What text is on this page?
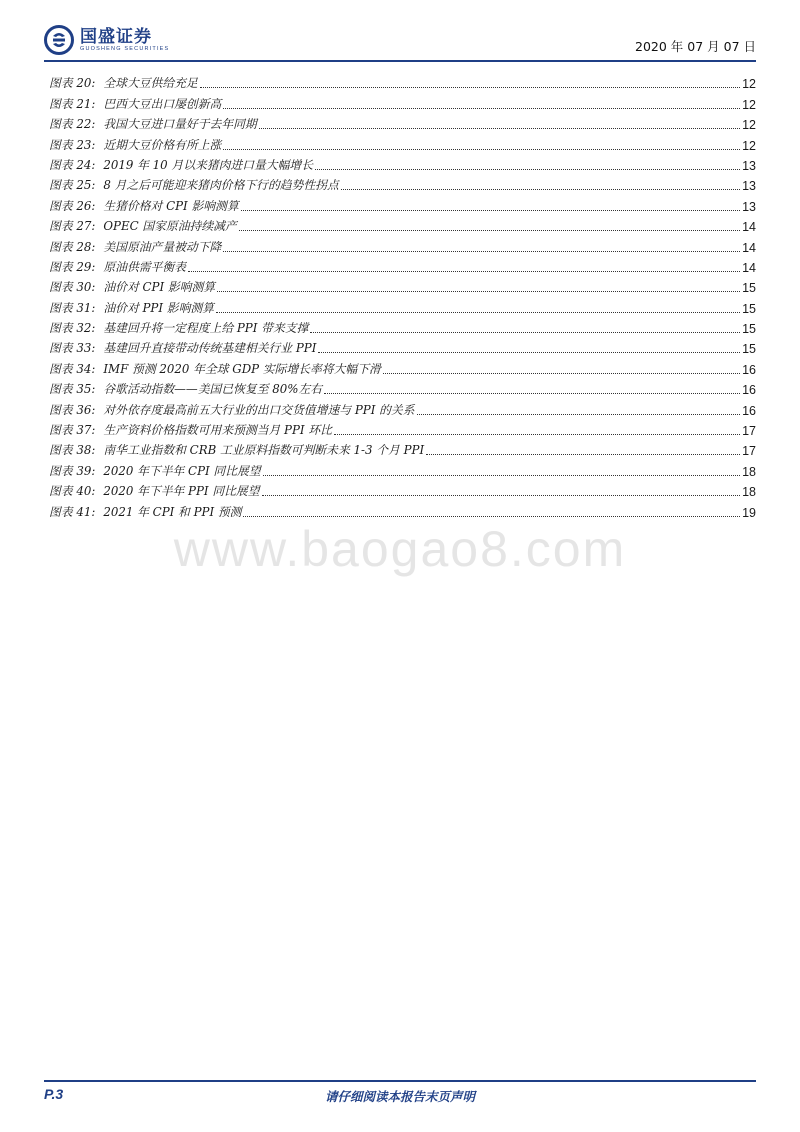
国盛证券
GUOSHENG SECURITIES	2020 年 07 月 07 日
图表 20: 全球大豆供给充足	12
图表 21: 巴西大豆出口屡创新高	12
图表 22: 我国大豆进口量好于去年同期	12
图表 23: 近期大豆价格有所上涨	12
图表 24: 2019 年 10 月以来猪肉进口量大幅增长	13
图表 25: 8 月之后可能迎来猪肉价格下行的趋势性拐点	13
图表 26: 生猪价格对 CPI 影响测算	13
图表 27: OPEC 国家原油持续减产	14
图表 28: 美国原油产量被动下降	14
图表 29: 原油供需平衡表	14
图表 30: 油价对 CPI 影响测算	15
图表 31: 油价对 PPI 影响测算	15
图表 32: 基建回升将一定程度上给 PPI 带来支撑	15
图表 33: 基建回升直接带动传统基建相关行业 PPI	15
图表 34: IMF 预测 2020 年全球 GDP 实际增长率将大幅下滑	16
图表 35: 谷歌活动指数——美国已恢复至 80%左右	16
图表 36: 对外依存度最高前五大行业的出口交货值增速与 PPI 的关系	16
图表 37: 生产资料价格指数可用来预测当月 PPI 环比	17
图表 38: 南华工业指数和 CRB 工业原料指数可判断未来 1-3 个月 PPI	17
图表 39: 2020 年下半年 CPI 同比展望	18
图表 40: 2020 年下半年 PPI 同比展望	18
图表 41: 2021 年 CPI 和 PPI 预测	19
www.baogao8.com
P.3	请仔细阅读本报告末页声明
